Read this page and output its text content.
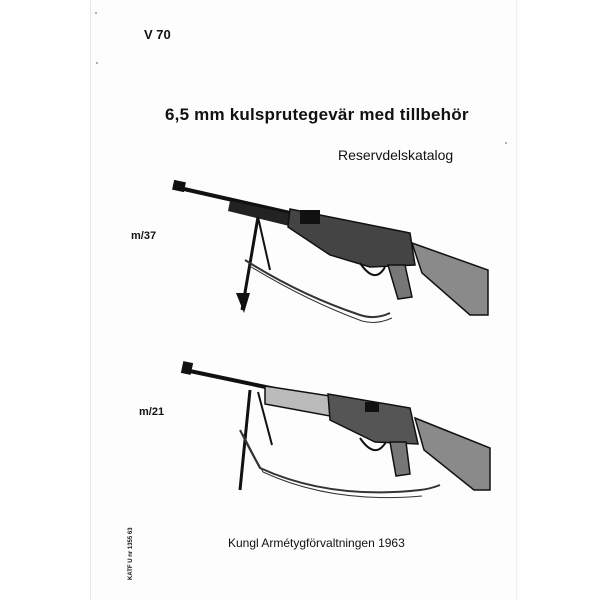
V 70
6,5 mm kulsprutegevär med tillbehör
Reservdelskatalog
m/37
m/21
Kungl Armétygförvaltningen 1963
KATF U nr 1355 63
